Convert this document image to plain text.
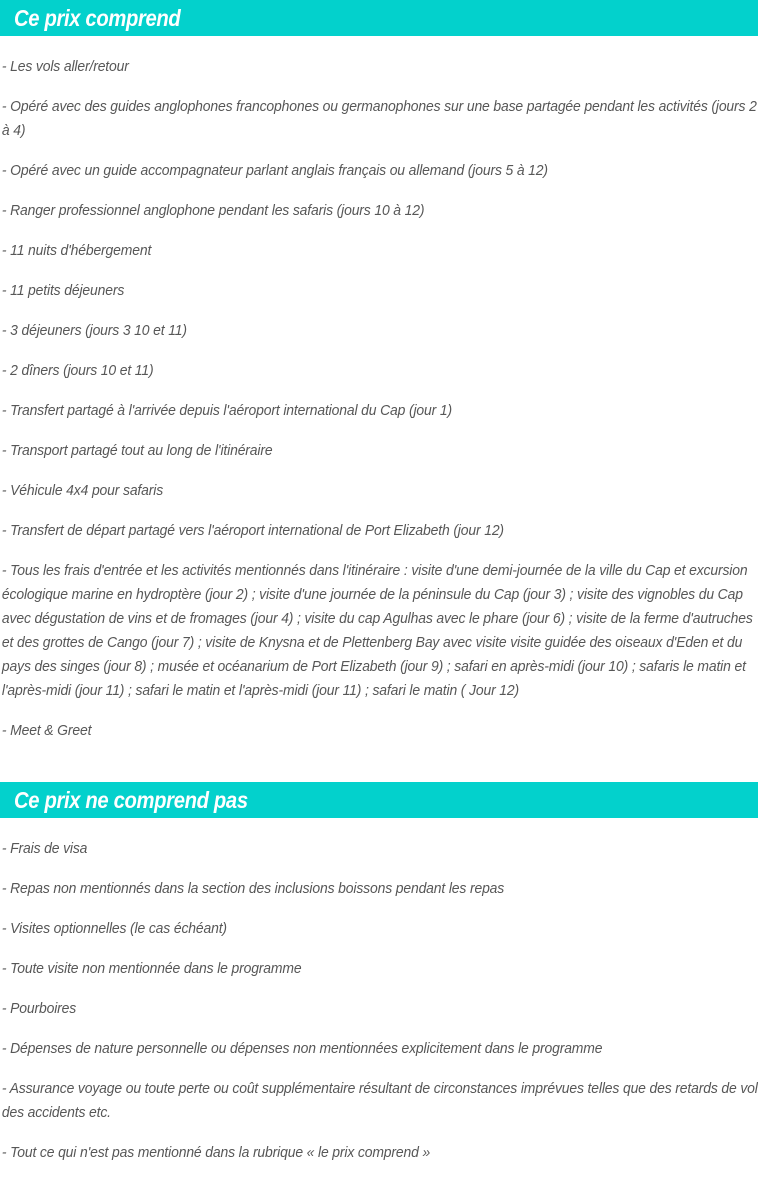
Ce prix comprend
- Les vols aller/retour
- Opéré avec des guides anglophones francophones ou germanophones sur une base partagée pendant les activités (jours 2 à 4)
- Opéré avec un guide accompagnateur parlant anglais français ou allemand (jours 5 à 12)
- Ranger professionnel anglophone pendant les safaris (jours 10 à 12)
- 11 nuits d'hébergement
- 11 petits déjeuners
- 3 déjeuners (jours 3 10 et 11)
- 2 dîners (jours 10 et 11)
- Transfert partagé à l'arrivée depuis l'aéroport international du Cap (jour 1)
- Transport partagé tout au long de l'itinéraire
- Véhicule 4x4 pour safaris
- Transfert de départ partagé vers l'aéroport international de Port Elizabeth (jour 12)
- Tous les frais d'entrée et les activités mentionnés dans l'itinéraire : visite d'une demi-journée de la ville du Cap et excursion écologique marine en hydroptère (jour 2) ; visite d'une journée de la péninsule du Cap (jour 3) ; visite des vignobles du Cap avec dégustation de vins et de fromages (jour 4) ; visite du cap Agulhas avec le phare (jour 6) ; visite de la ferme d'autruches et des grottes de Cango (jour 7) ; visite de Knysna et de Plettenberg Bay avec visite visite guidée des oiseaux d'Eden et du pays des singes (jour 8) ; musée et océanarium de Port Elizabeth (jour 9) ; safari en après-midi (jour 10) ; safaris le matin et l'après-midi (jour 11) ; safari le matin et l'après-midi (jour 11) ; safari le matin ( Jour 12)
- Meet & Greet
Ce prix ne comprend pas
- Frais de visa
- Repas non mentionnés dans la section des inclusions boissons pendant les repas
- Visites optionnelles (le cas échéant)
- Toute visite non mentionnée dans le programme
- Pourboires
- Dépenses de nature personnelle ou dépenses non mentionnées explicitement dans le programme
- Assurance voyage ou toute perte ou coût supplémentaire résultant de circonstances imprévues telles que des retards de vol des accidents etc.
- Tout ce qui n'est pas mentionné dans la rubrique « le prix comprend »
